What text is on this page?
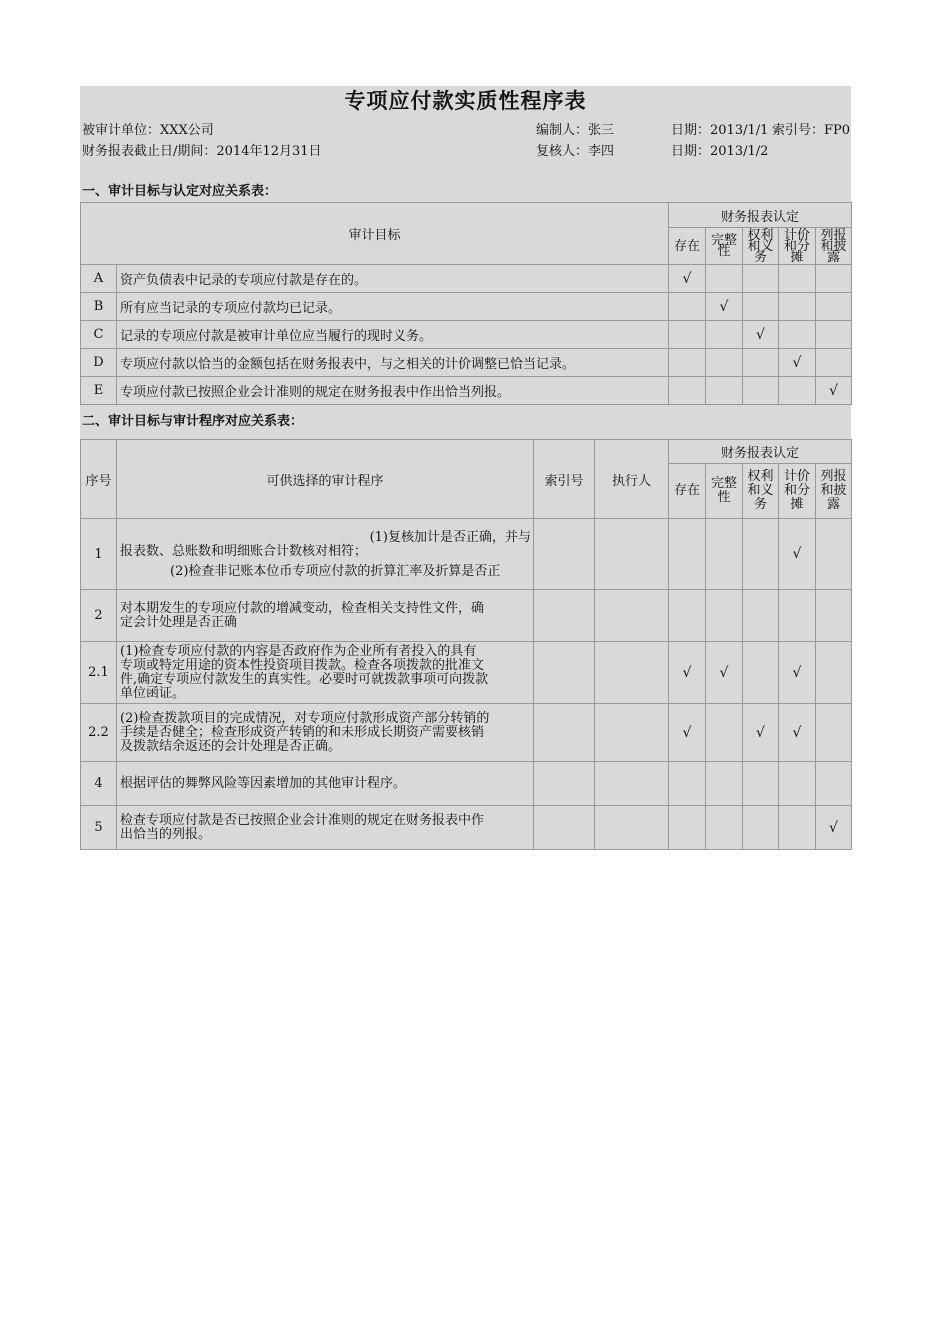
专项应付款实质性程序表
被审计单位：XXX公司
财务报表截止日/期间：2014年12月31日
编制人：张三
复核人：李四
日期：2013/1/1
日期：2013/1/2
索引号：FP0
一、审计目标与认定对应关系表：
审计目标		财务报表认定				
		存在	完整
性	权利
和义
务	计价
和分
摊	列报
和披
露
A	资产负债表中记录的专项应付款是存在的。	√				
B	所有应当记录的专项应付款均已记录。		√			
C	记录的专项应付款是被审计单位应当履行的现时义务。			√		
D	专项应付款以恰当的金额包括在财务报表中，与之相关的计价调整已恰当记录。				√	
E	专项应付款已按照企业会计准则的规定在财务报表中作出恰当列报。					√
二、审计目标与审计程序对应关系表：
序号	可供选择的审计程序	索引号	执行人	财务报表认定				
				存在	完整
性	权利
和义
务	计价
和分
摊	列报
和披
露
1	(1)复核加计是否正确，并与
报表数、总账数和明细账合计数核对相符；
(2)检查非记账本位币专项应付款的折算汇率及折算是否正						√	
2	对本期发生的专项应付款的增减变动，检查相关支持性文件，确
定会计处理是否正确							

2.1	(1)检查专项应付款的内容是否政府作为企业所有者投入的具有
专项或特定用途的资本性投资项目拨款。检查各项拨款的批准文
件,确定专项应付款发生的真实性。必要时可就拨款事项可向拨款
单位函证。			√	√		√	
2.2	(2)检查拨款项目的完成情况，对专项应付款形成资产部分转销的
手续是否健全；检查形成资产转销的和未形成长期资产需要核销
及拨款结余返还的会计处理是否正确。			√		√	√	
4	根据评估的舞弊风险等因素增加的其他审计程序。							

5	检查专项应付款是否已按照企业会计准则的规定在财务报表中作
出恰当的列报。							√
